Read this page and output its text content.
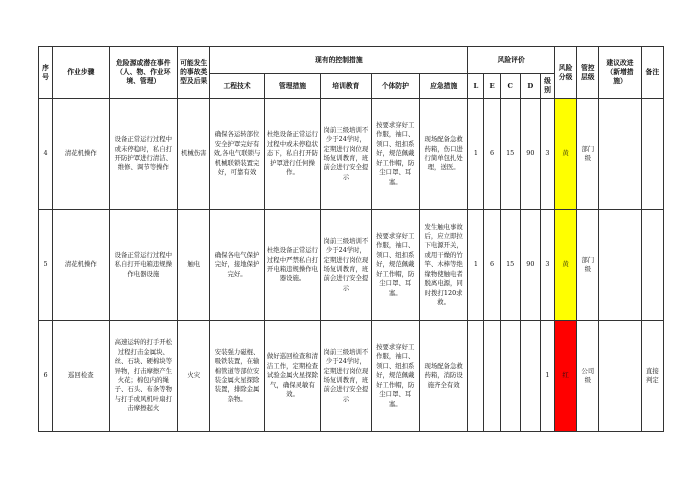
序号	作业步骤	危险源或潜在事件（人、物、作业环境、管理）	可能发生的事故类型及后果	现有的控制措施					风险评价					风险分级	管控层级	建议改进（新增措施）	备注
				工程技术	管理措施	培训教育	个体防护	应急措施	L	E	C	D	级别				
4	清花机操作	设备正常运行过程中或未停稳时，私自打开防护罩进行清洁、维修、调节等操作	机械伤害	确保各运转部位安全护罩完好有效,各电气联锁与机械联锁装置完好，可靠有效	杜绝设备正常运行过程中或未停稳状态下，私自打开防护罩进行任何操作。	岗前三级培训不少于24学时，定期进行岗位现场复训教育，班前会进行安全提示	按要求穿好工作服，袖口、领口、纽扣系好，规范佩戴好工作帽，防尘口罩、耳塞。	现场配备急救药箱，伤口进行简单包扎处理，送医。	1	6	15	90	3	黄	部门级		
5	清花机操作	设备正常运行过程中私自打开电箱违规操作电器设施	触电	确保各电气保护完好，接地保护完好。	杜绝设备正常运行过程中严禁私自打开电箱违规操作电器设施。	岗前三级培训不少于24学时，定期进行岗位现场复训教育，班前会进行安全提示	按要求穿好工作服，袖口、领口、纽扣系好，规范佩戴好工作帽，防尘口罩、耳塞。	发生触电事故后，应立即拉下电源开关，或用干燥的竹竿、木棒等绝缘物使触电者脱离电源，同时拨打120求救。	1	6	15	90	3	黄	部门级		
6	巡回检查	高速运转的打手开松过程打击金属块、丝、石块、硬棉块等异物，打击摩擦产生火花；棉包内的绳子、石头、布条等物与打手或风机叶扇打击摩擦起火	火灾	安装强力磁棍、吸铁装置，在输棉管道等部位安装金属火星探除装置，排除金属杂物。	做好巡回检查和清洁工作，定期检查试验金属火星探除气，确保灵敏有效。	岗前三级培训不少于24学时，定期进行岗位现场复训教育，班前会进行安全提示	按要求穿好工作服，袖口、领口、纽扣系好，规范佩戴好工作帽，防尘口罩、耳塞。	现场配备急救药箱，消防设施齐全有效					1	红	公司级		直接判定
